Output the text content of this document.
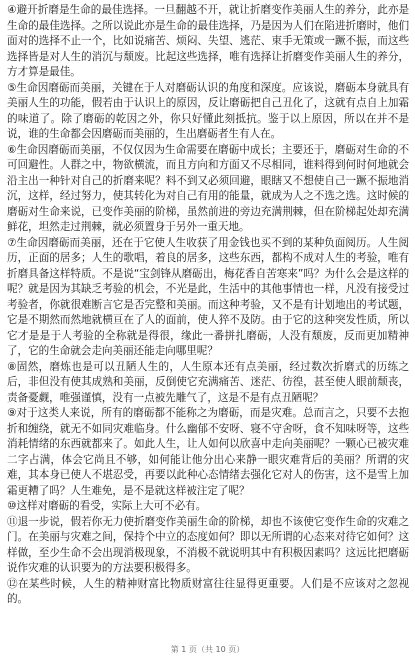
④避开折磨是生命的最佳选择。一旦翻越不开，就让折磨变作美丽人生的养分，此亦是生命的最佳选择。之所以说此亦是生命的最佳选择，乃是因为人们在陷进折磨时，他们面对的选择不止一个，比如说痛苦、烦闷、失望、逃茫、束手无策或一蹶不振，而这些选择皆是对人生的消沉与颓废。比起这些选择，唯有选择让折磨变作美丽人生的养分，方才算是最佳。

⑤生命因磨砺而美丽，关键在于人对磨砺认识的角度和深度。应该说，磨砺本身就具有美丽人生的功能，假若由于认识上的原因，反让磨砺把自己丑化了，这就有点自上加霜的味道了。除了磨砺的乾因之外，你只好懂此刻抵抗。鉴于以上原因，所以在并不是说，谁的生命都会因磨砺而美丽的，生出磨砺者生有人在。

⑥生命因磨砺而美丽，不仅仅因为生命需要在磨砺中成长；主要还于，磨砺对生命的不可回避性。人群之中，物欲横流，而且方向和方面又不尽相同，谁料得到何时何地就会沿主出一种针对自己的折磨来呢？料不到又必须回避，眼瞎又不想使自己一蹶不振地消沉，这样，经过努力，使其转化为对自己有用的能量，就成为人之不选之选。这时候的磨砺对生命来说，已变作美丽的阶梯，虽然前进的旁边充满荆棘，但在阶梯起处却充满鲜花，坦然走过荆棘，就必须置身于另外一重天地。

⑦生命因磨砺而美丽，还在于它使人生收获了用金钱也买不到的某种负面阅历。人生阅历，正面的居多；人生的歌唱，着良的居多，这些东西，都构不成对人生的考验，唯有折磨具备这样特质。不是说“宝剑锋从磨砺出，梅花香自苦寒来”吗？为什么会是这样的呢？就是因为其缺乏考验的机会，不光是此，生活中的其他事情也一样，凡没有接受过考验者，你就很难断言它是否完整和美丽。而这种考验，又不是有计划地出的考试题，它是不期然而然地就横亘在了人的面前，使人猝不及防。由于它的这种突发性质，所以它才是是于人考验的全称就是得很，缘此一番拼扎磨砺，人没有颓废，反而更加精神了，它的生命就会走向美丽还能走向哪里呢？

⑧固然，磨炼也是可以丑陋人生的，人生原本还有点美丽，经过数次折磨式的历练之后，非但没有使其成熟和美丽，反倒使它充满痛苦、迷茫、彷徨，甚至使人眼前颓丧，责备憂觑，唯强谨慎，没有一点被先雕气了，这是不是有点丑陋呢？

⑨对于这类人来说，所有的磨砺都不能称之为磨砺，而是灾难。总而言之，只要不去抱折和缠绕，就无不如同灾难临身。什么幽郁不安呀、寝不守舍呀，食不知味呀等，这些消耗情绪的东西就都来了。如此人生，让人如何以欣喜中走向美丽呢？一颗心已被灾难二字占满，体会它尚且不够，如何能让他分出心来静一眼灾难背后的美丽？所谓的灾难，其本身已使人不堪忍受，再要以此种心态情绪去强化它对人的伤害，这不是雪上加霜更糟了吗？人生难免，是不是就这样被注定了呢？

⑩这样对磨砺的看受，实际上大可不必有。

⑪退一步说，假若你无力使折磨变作美丽生命的阶梯，却也不该使它变作生命的灾难之门。在美丽与灾难之间，保持个中立的态度如何？即以无所谓的心态来对待它如何？这样做，至少生命不会出现消极现象，不消极不就说明其中有积极因素吗？这远比把磨砺说作灾难的认识要为的方法要积极得多。

⑫在某些时候，人生的精神财富比物质财富往往显得更重要。人们是不应该对之忽视的。

第 1 页（共 10 页）
